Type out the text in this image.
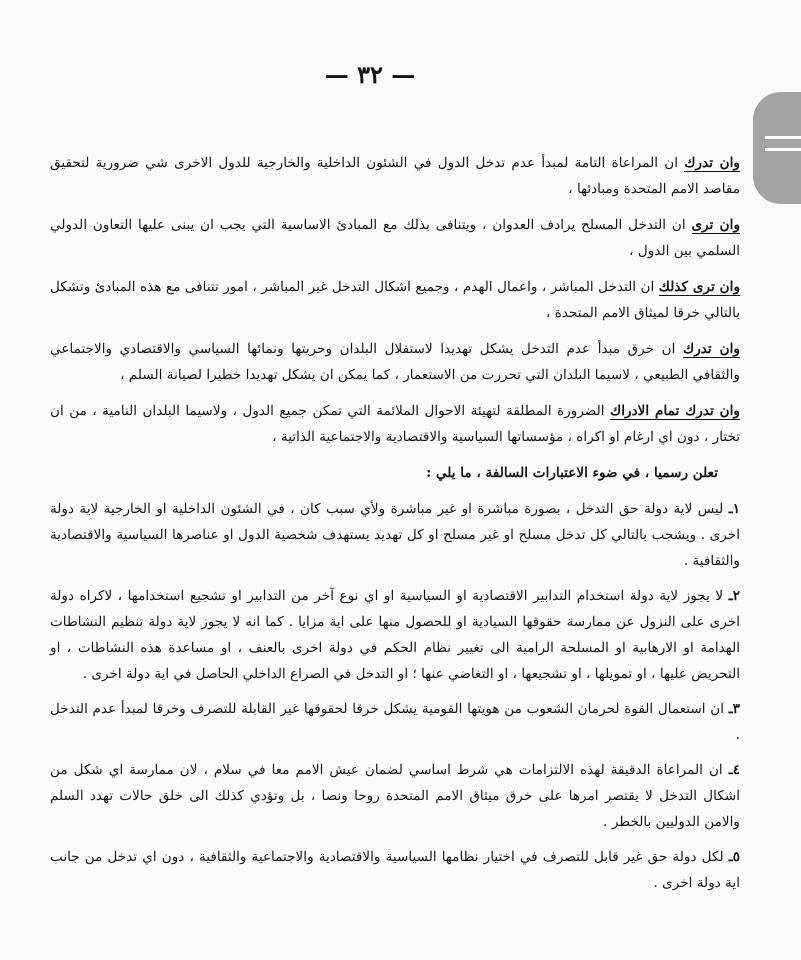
— ٣٢ —

وان تدرك ان المراعاة التامة لمبدأ عدم تدخل الدول في الشئون الداخلية والخارجية للدول الاخرى شي ضرورية لتحقيق مقاصد الامم المتحدة ومبادئها ،

وان ترى ان التدخل المسلح يرادف العدوان ، ويتنافى بذلك مع المبادئ الاساسية التي يجب ان يبنى عليها التعاون الدولي السلمي بين الدول ،

وان ترى كذلك ان التدخل المباشر ، واعمال الهدم ، وجميع اشكال التدخل غير المباشر ، امور تتنافى مع هذه المبادئ وتشكل بالتالي خرقا لميثاق الامم المتحدة ،

وان تدرك ان خرق مبدأ عدم التدخل يشكل تهديدا لاستقلال البلدان وحريتها ونمائها السياسي والاقتصادي والاجتماعي والثقافي الطبيعي ، لاسيما البلدان التي تحررت من الاستعمار ، كما يمكن ان يشكل تهديدا خطيرا لصيانة السلم ،

وان تدرك تمام الادراك الضرورة المطلقة لتهيئة الاحوال الملائمة التي تمكن جميع الدول ، ولاسيما البلدان النامية ، من ان تختار ، دون اي ارغام او اكراه ، مؤسساتها السياسية والاقتصادية والاجتماعية الذاتية ،

تعلن رسميا ، في ضوء الاعتبارات السالفة ، ما يلي :

١ـ ليس لاية دولة حق التدخل ، بصورة مباشرة او غير مباشرة ولأي سبب كان ، في الشئون الداخلية او الخارجية لاية دولة اخرى . ويشجب بالتالي كل تدخل مسلح او غير مسلح او كل تهديد يستهدف شخصية الدول او عناصرها السياسية والاقتصادية والثقافية .

٢ـ لا يجوز لاية دولة استخدام التدابير الاقتصادية او السياسية او اي نوع آخر من التدابير او تشجيع استخدامها ، لاكراه دولة اخرى على النزول عن ممارسة حقوقها السيادية او للحصول منها على اية مزايا . كما انه لا يجوز لاية دولة تنظيم النشاطات الهدامة او الارهابية او المسلحة الرامية الى تغيير نظام الحكم في دولة اخرى بالعنف ، او مساعدة هذه النشاطات ، او التحريض عليها ، او تمويلها ، او تشجيعها ، او التغاضي عنها ؛ او التدخل في الصراع الداخلي الحاصل في اية دولة اخرى .

٣ـ ان استعمال القوة لحرمان الشعوب من هويتها القومية يشكل خرقا لحقوقها غير القابلة للتصرف وخرقا لمبدأ عدم التدخل .

٤ـ ان المراعاة الدقيقة لهذه الالتزامات هي شرط اساسي لضمان عيش الامم معا في سلام ، لان ممارسة اي شكل من اشكال التدخل لا يقتصر امرها على خرق ميثاق الامم المتحدة روحا ونصا ، بل وتؤدي كذلك الى خلق حالات تهدد السلم والامن الدوليين بالخطر .

٥ـ لكل دولة حق غير قابل للتصرف في اختيار نظامها السياسية والاقتصادية والاجتماعية والثقافية ، دون اي تدخل من جانب اية دولة اخرى .
